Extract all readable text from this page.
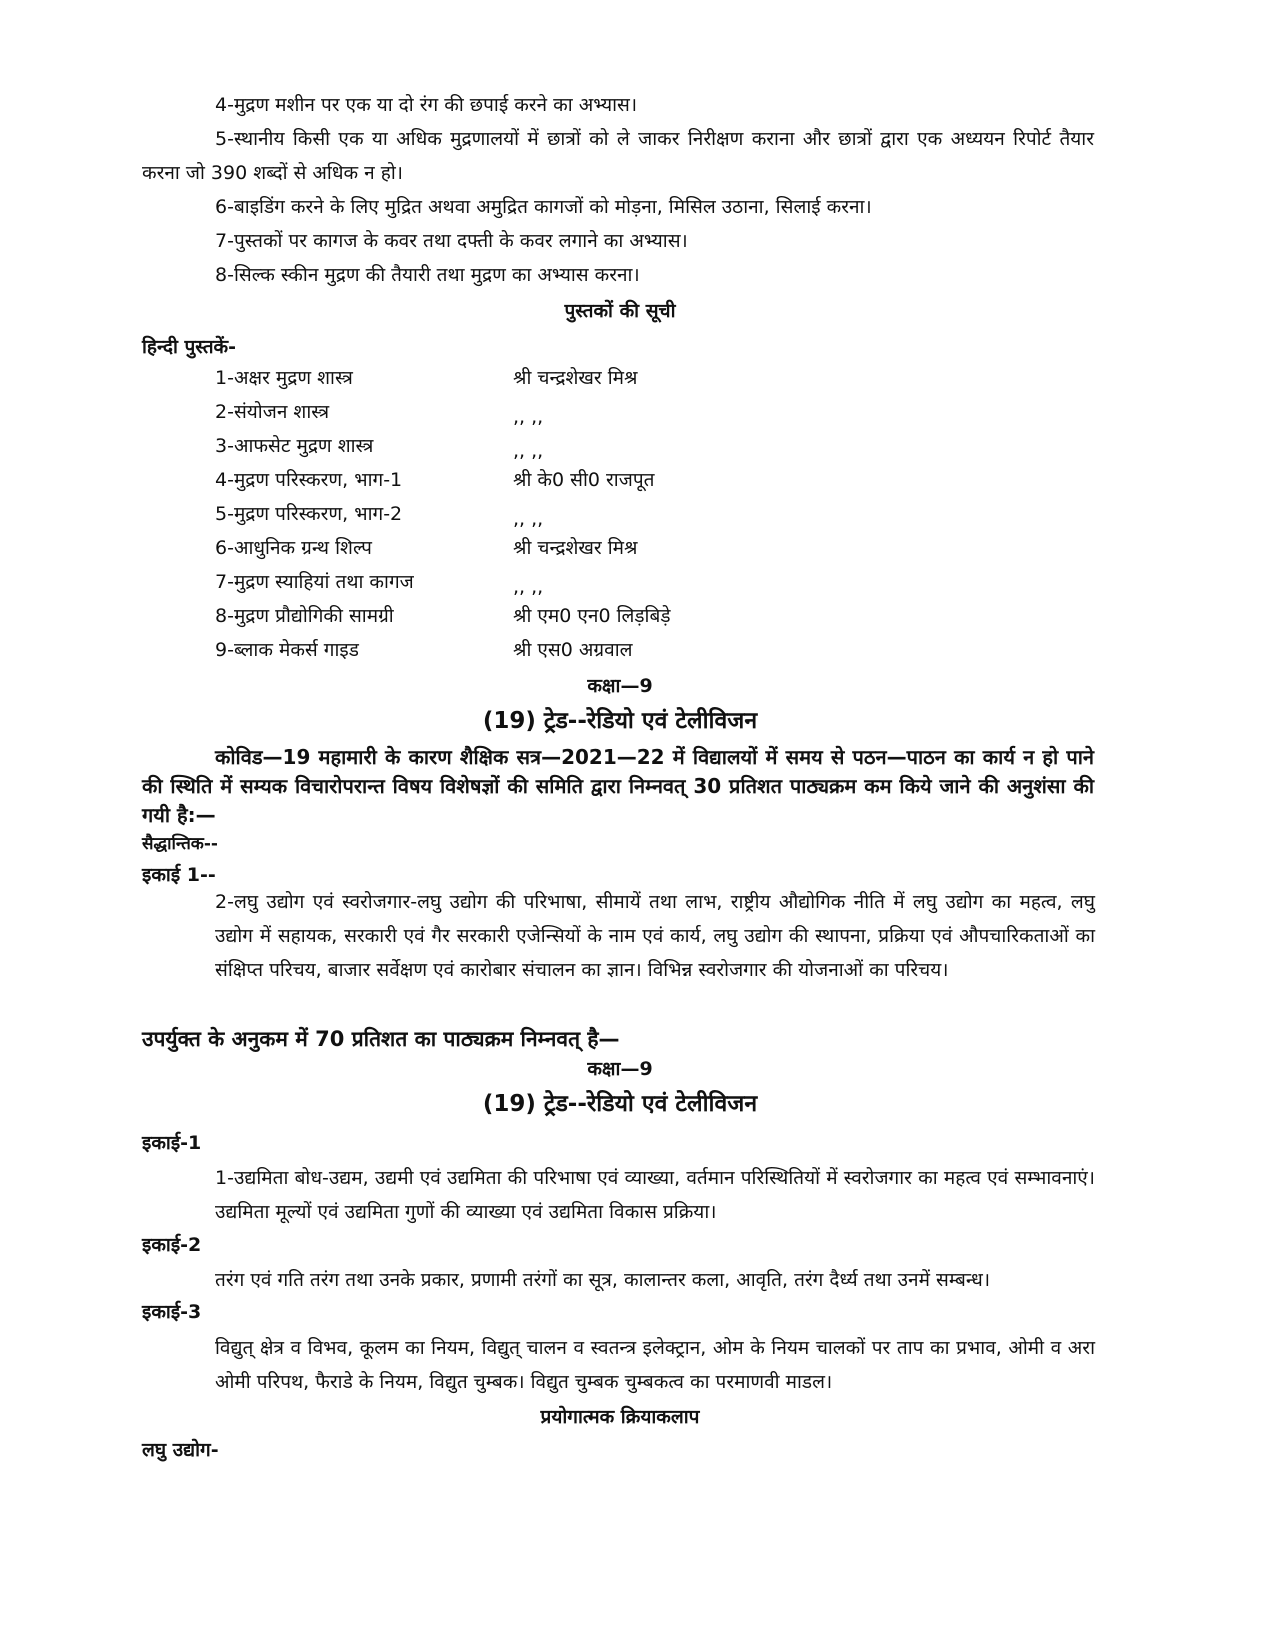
4-मुद्रण मशीन पर एक या दो रंग की छपाई करने का अभ्यास।
5-स्थानीय किसी एक या अधिक मुद्रणालयों में छात्रों को ले जाकर निरीक्षण कराना और छात्रों द्वारा एक अध्ययन रिपोर्ट तैयार करना जो 390 शब्दों से अधिक न हो।
6-बाइडिंग करने के लिए मुद्रित अथवा अमुद्रित कागजों को मोड़ना, मिसिल उठाना, सिलाई करना।
7-पुस्तकों पर कागज के कवर तथा दफ्ती के कवर लगाने का अभ्यास।
8-सिल्क स्कीन मुद्रण की तैयारी तथा मुद्रण का अभ्यास करना।
पुस्तकों की सूची
हिन्दी पुस्तकें-
1-अक्षर मुद्रण शास्त्र	श्री चन्द्रशेखर मिश्र
2-संयोजन शास्त्र	,, ,,
3-आफसेट मुद्रण शास्त्र	,, ,,
4-मुद्रण परिस्करण, भाग-1	श्री के0 सी0 राजपूत
5-मुद्रण परिस्करण, भाग-2	,, ,,
6-आधुनिक ग्रन्थ शिल्प	श्री चन्द्रशेखर मिश्र
7-मुद्रण स्याहियां तथा कागज	,, ,,
8-मुद्रण प्रौद्योगिकी सामग्री	श्री एम0 एन0 लिड़बिड़े
9-ब्लाक मेकर्स गाइड	श्री एस0 अग्रवाल
कक्षा—9
(19) ट्रेड--रेडियो एवं टेलीविजन
कोविड—19 महामारी के कारण शैक्षिक सत्र—2021—22 में विद्यालयों में समय से पठन—पाठन का कार्य न हो पाने की स्थिति में सम्यक विचारोपरान्त विषय विशेषज्ञों की समिति द्वारा निम्नवत् 30 प्रतिशत पाठ्यक्रम कम किये जाने की अनुशंसा की गयी है:—
सैद्धान्तिक--
इकाई 1--
2-लघु उद्योग एवं स्वरोजगार-लघु उद्योग की परिभाषा, सीमायें तथा लाभ, राष्ट्रीय औद्योगिक नीति में लघु उद्योग का महत्व, लघु उद्योग में सहायक, सरकारी एवं गैर सरकारी एजेन्सियों के नाम एवं कार्य, लघु उद्योग की स्थापना, प्रक्रिया एवं औपचारिकताओं का संक्षिप्त परिचय, बाजार सर्वेक्षण एवं कारोबार संचालन का ज्ञान। विभिन्न स्वरोजगार की योजनाओं का परिचय।
उपर्युक्त के अनुकम में 70 प्रतिशत का पाठ्यक्रम निम्नवत् है—
कक्षा—9
(19) ट्रेड--रेडियो एवं टेलीविजन
इकाई-1
1-उद्यमिता बोध-उद्यम, उद्यमी एवं उद्यमिता की परिभाषा एवं व्याख्या, वर्तमान परिस्थितियों में स्वरोजगार का महत्व एवं सम्भावनाएं। उद्यमिता मूल्यों एवं उद्यमिता गुणों की व्याख्या एवं उद्यमिता विकास प्रक्रिया।
इकाई-2
तरंग एवं गति तरंग तथा उनके प्रकार, प्रणामी तरंगों का सूत्र, कालान्तर कला, आवृति, तरंग दैर्ध्य तथा उनमें सम्बन्ध।
इकाई-3
विद्युत् क्षेत्र व विभव, कूलम का नियम, विद्युत् चालन व स्वतन्त्र इलेक्ट्रान, ओम के नियम चालकों पर ताप का प्रभाव, ओमी व अरा ओमी परिपथ, फैराडे के नियम, विद्युत चुम्बक। विद्युत चुम्बक चुम्बकत्व का परमाणवी माडल।
प्रयोगात्मक क्रियाकलाप
लघु उद्योग-
